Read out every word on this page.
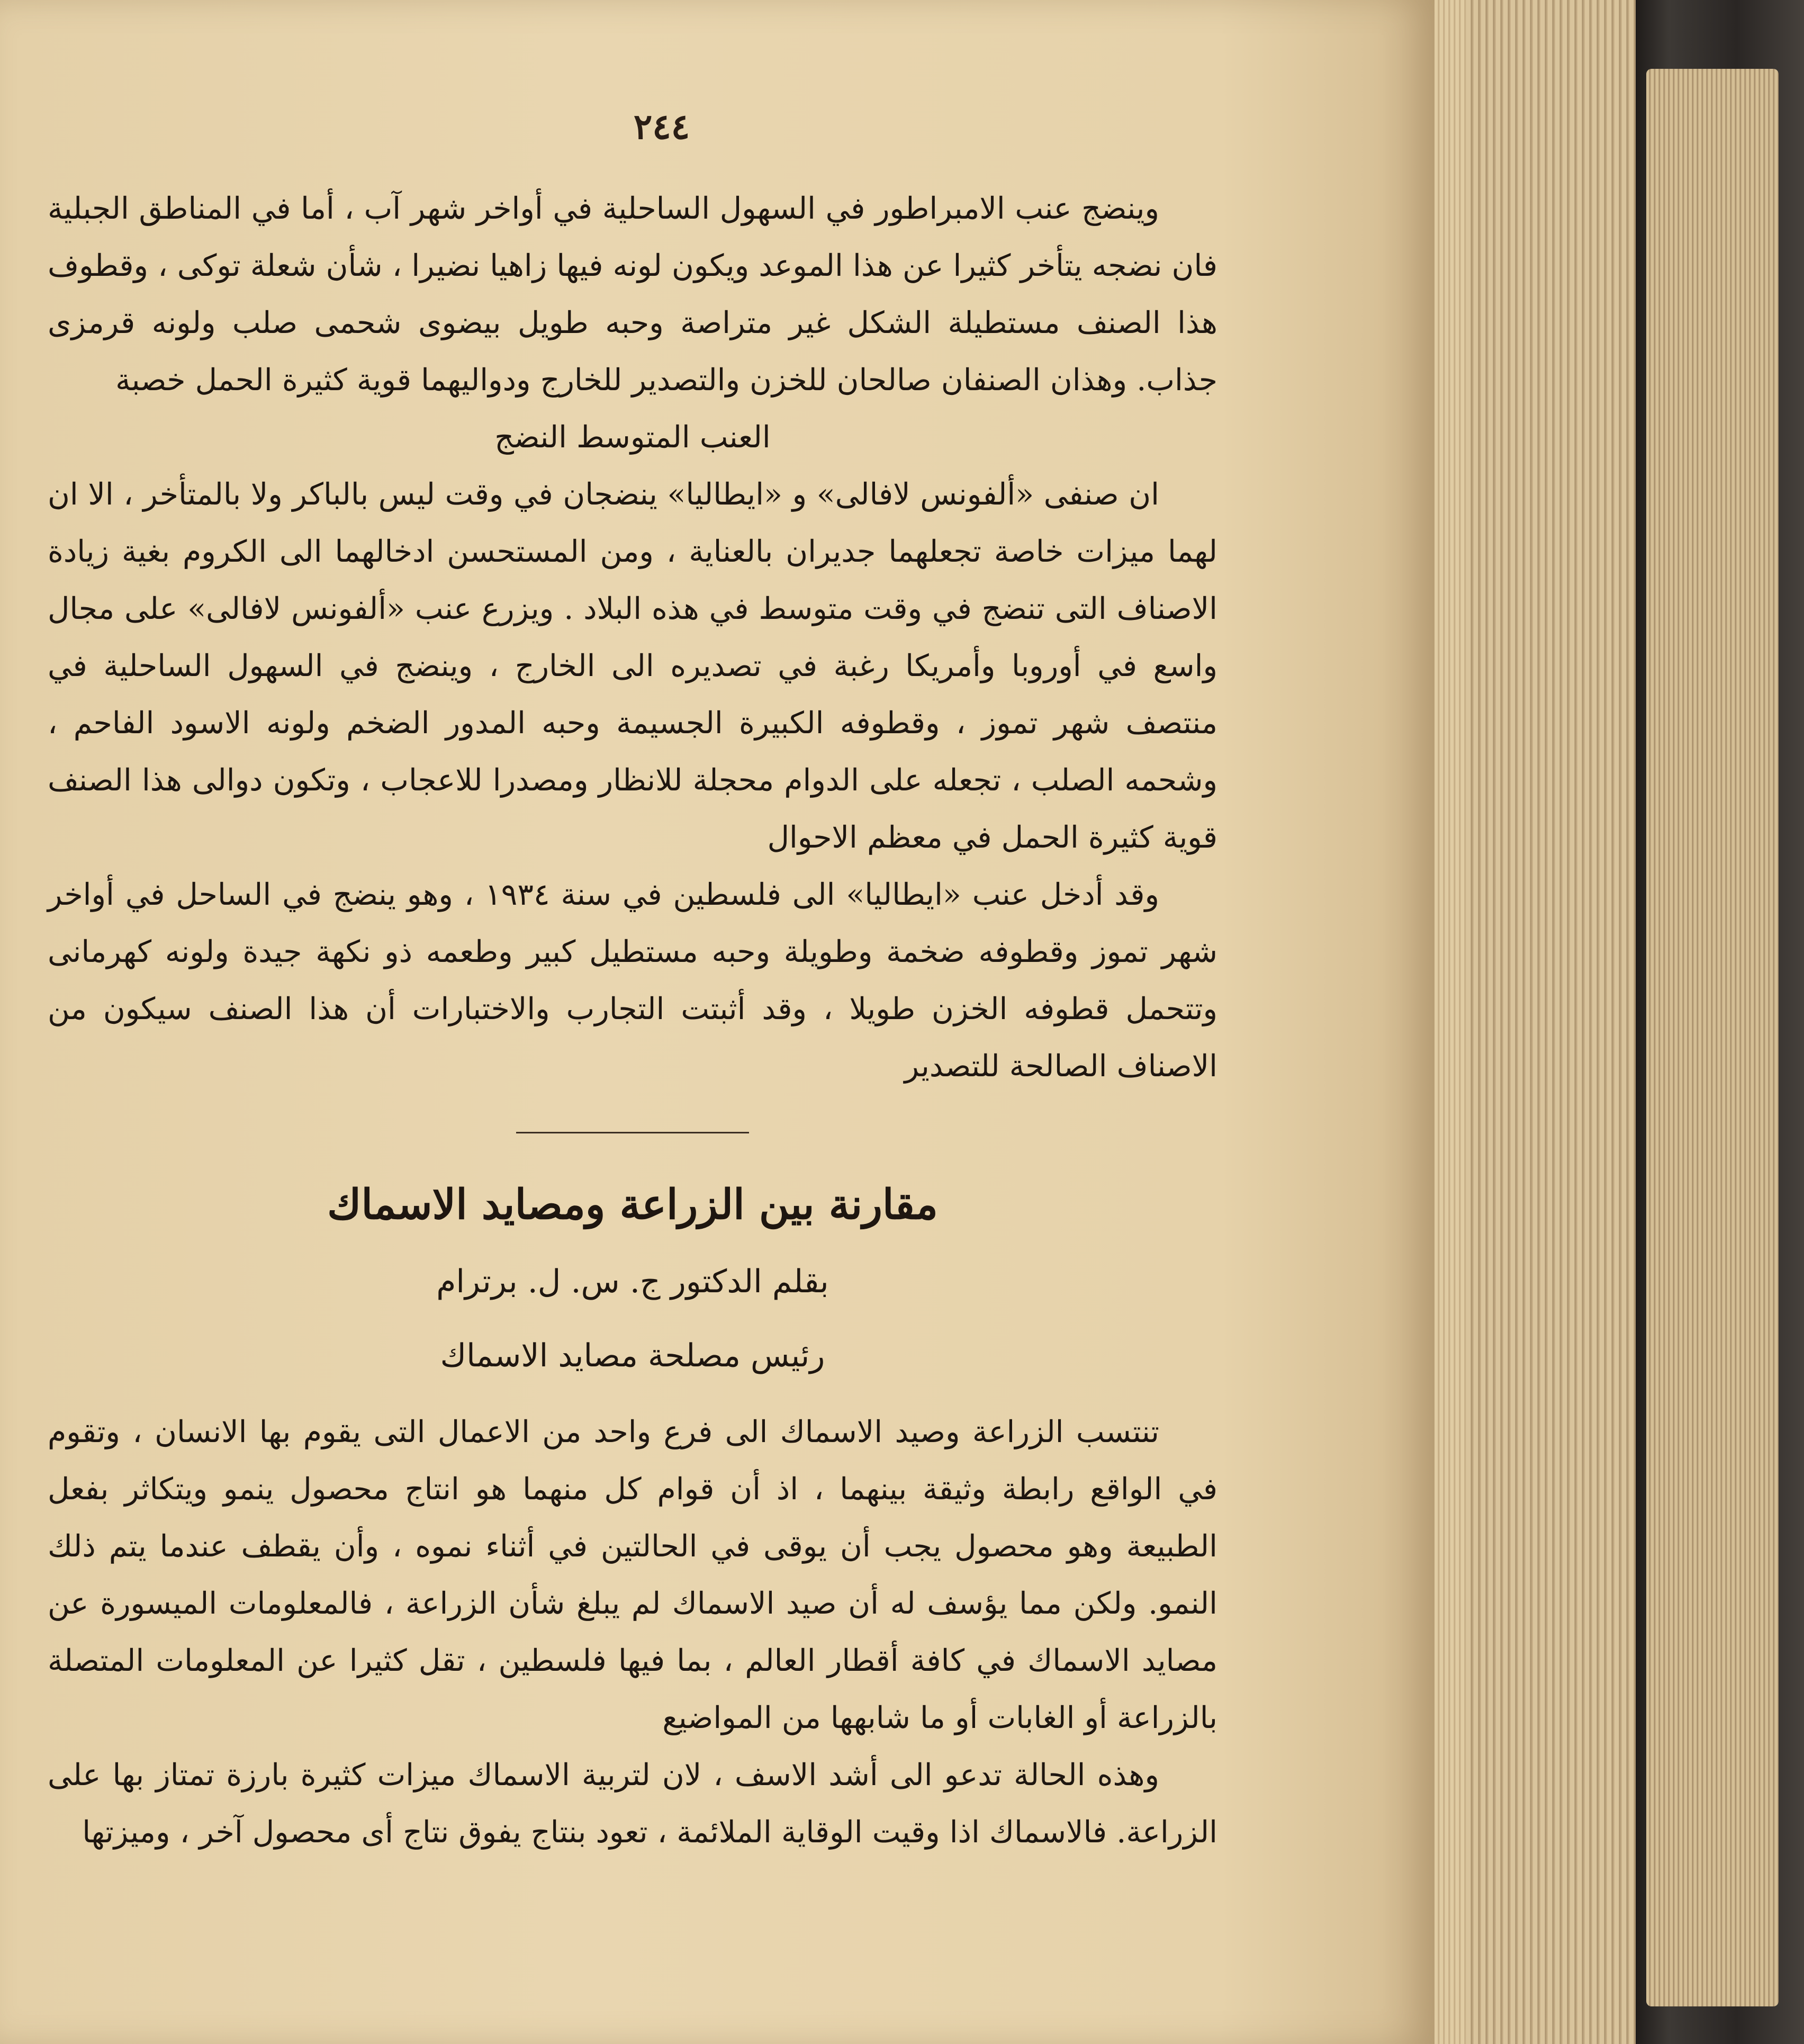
٢٤٤

وينضج عنب الامبراطور في السهول الساحلية في أواخر شهر آب ، أما في المناطق الجبلية فان نضجه يتأخر كثيرا عن هذا الموعد ويكون لونه فيها زاهيا نضيرا ، شأن شعلة توكى ، وقطوف هذا الصنف مستطيلة الشكل غير متراصة وحبه طويل بيضوى شحمى صلب ولونه قرمزى جذاب. وهذان الصنفان صالحان للخزن والتصدير للخارج ودواليهما قوية كثيرة الحمل خصبة

العنب المتوسط النضج

ان صنفى «ألفونس لافالى» و «ايطاليا» ينضجان في وقت ليس بالباكر ولا بالمتأخر ، الا ان لهما ميزات خاصة تجعلهما جديران بالعناية ، ومن المستحسن ادخالهما الى الكروم بغية زيادة الاصناف التى تنضج في وقت متوسط في هذه البلاد . ويزرع عنب «ألفونس لافالى» على مجال واسع في أوروبا وأمريكا رغبة في تصديره الى الخارج ، وينضج في السهول الساحلية في منتصف شهر تموز ، وقطوفه الكبيرة الجسيمة وحبه المدور الضخم ولونه الاسود الفاحم ، وشحمه الصلب ، تجعله على الدوام محجلة للانظار ومصدرا للاعجاب ، وتكون دوالى هذا الصنف قوية كثيرة الحمل في معظم الاحوال

وقد أدخل عنب «ايطاليا» الى فلسطين في سنة ١٩٣٤ ، وهو ينضج في الساحل في أواخر شهر تموز وقطوفه ضخمة وطويلة وحبه مستطيل كبير وطعمه ذو نكهة جيدة ولونه كهرمانى وتتحمل قطوفه الخزن طويلا ، وقد أثبتت التجارب والاختبارات أن هذا الصنف سيكون من الاصناف الصالحة للتصدير

مقارنة بين الزراعة ومصايد الاسماك

بقلم الدكتور ج. س. ل. برترام

رئيس مصلحة مصايد الاسماك

تنتسب الزراعة وصيد الاسماك الى فرع واحد من الاعمال التى يقوم بها الانسان ، وتقوم في الواقع رابطة وثيقة بينهما ، اذ أن قوام كل منهما هو انتاج محصول ينمو ويتكاثر بفعل الطبيعة وهو محصول يجب أن يوقى في الحالتين في أثناء نموه ، وأن يقطف عندما يتم ذلك النمو. ولكن مما يؤسف له أن صيد الاسماك لم يبلغ شأن الزراعة ، فالمعلومات الميسورة عن مصايد الاسماك في كافة أقطار العالم ، بما فيها فلسطين ، تقل كثيرا عن المعلومات المتصلة بالزراعة أو الغابات أو ما شابهها من المواضيع

وهذه الحالة تدعو الى أشد الاسف ، لان لتربية الاسماك ميزات كثيرة بارزة تمتاز بها على الزراعة. فالاسماك اذا وقيت الوقاية الملائمة ، تعود بنتاج يفوق نتاج أى محصول آخر ، وميزتها
